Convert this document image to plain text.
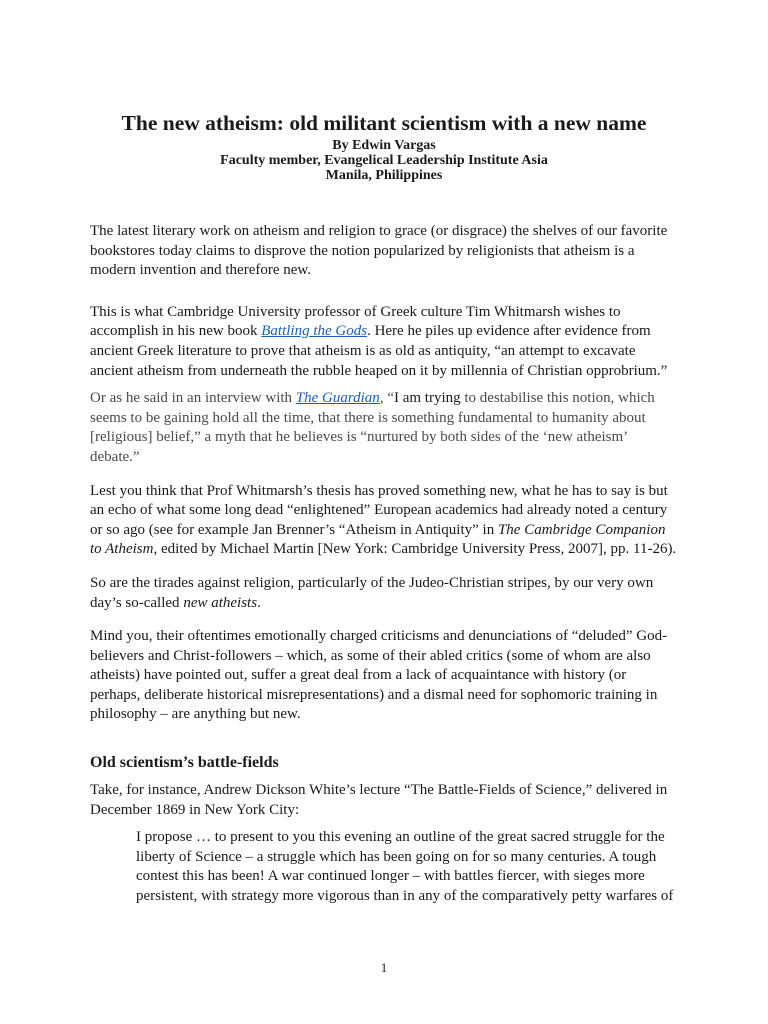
The new atheism: old militant scientism with a new name
By Edwin Vargas
Faculty member, Evangelical Leadership Institute Asia
Manila, Philippines

The latest literary work on atheism and religion to grace (or disgrace) the shelves of our favorite bookstores today claims to disprove the notion popularized by religionists that atheism is a modern invention and therefore new.

This is what Cambridge University professor of Greek culture Tim Whitmarsh wishes to accomplish in his new book Battling the Gods. Here he piles up evidence after evidence from ancient Greek literature to prove that atheism is as old as antiquity, “an attempt to excavate ancient atheism from underneath the rubble heaped on it by millennia of Christian opprobrium.”

Or as he said in an interview with The Guardian, “I am trying to destabilise this notion, which seems to be gaining hold all the time, that there is something fundamental to humanity about [religious] belief,” a myth that he believes is “nurtured by both sides of the ‘new atheism’ debate.”

Lest you think that Prof Whitmarsh’s thesis has proved something new, what he has to say is but an echo of what some long dead “enlightened” European academics had already noted a century or so ago (see for example Jan Brenner’s “Atheism in Antiquity” in The Cambridge Companion to Atheism, edited by Michael Martin [New York: Cambridge University Press, 2007], pp. 11-26).

So are the tirades against religion, particularly of the Judeo-Christian stripes, by our very own day’s so-called new atheists.

Mind you, their oftentimes emotionally charged criticisms and denunciations of “deluded” God-believers and Christ-followers – which, as some of their abled critics (some of whom are also atheists) have pointed out, suffer a great deal from a lack of acquaintance with history (or perhaps, deliberate historical misrepresentations) and a dismal need for sophomoric training in philosophy – are anything but new.

Old scientism’s battle-fields

Take, for instance, Andrew Dickson White’s lecture “The Battle-Fields of Science,” delivered in December 1869 in New York City:

I propose … to present to you this evening an outline of the great sacred struggle for the liberty of Science – a struggle which has been going on for so many centuries. A tough contest this has been! A war continued longer – with battles fiercer, with sieges more persistent, with strategy more vigorous than in any of the comparatively petty warfares of
1
